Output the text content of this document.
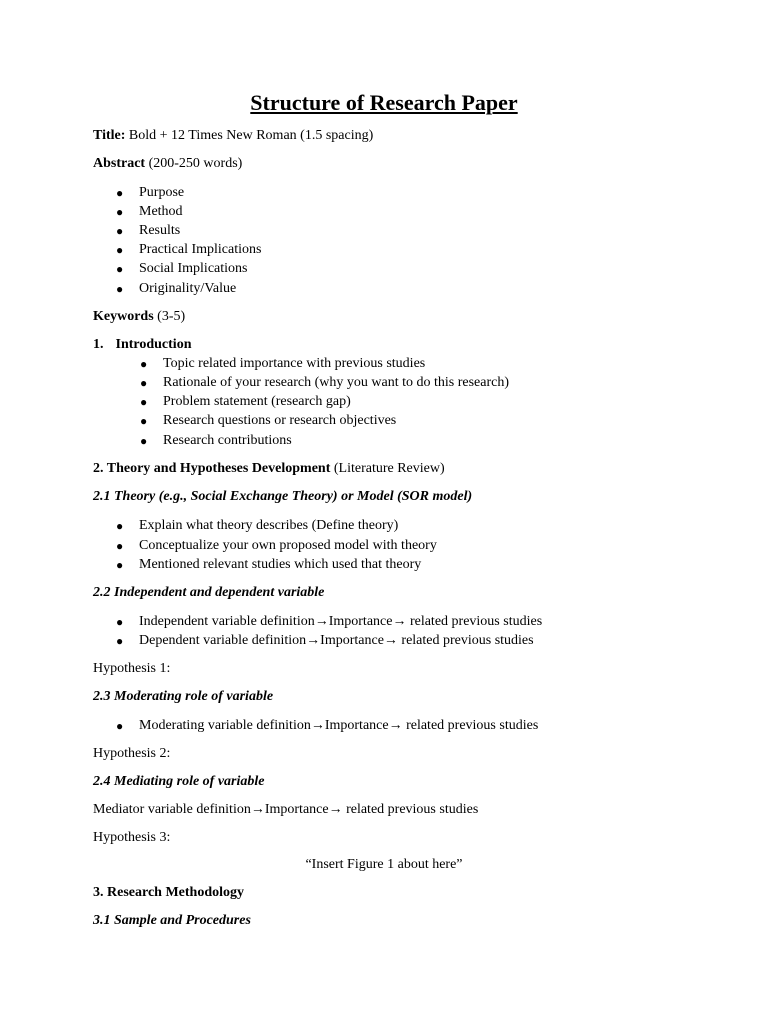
Structure of Research Paper
Title: Bold + 12 Times New Roman (1.5 spacing)
Abstract (200-250 words)
● Purpose
● Method
● Results
● Practical Implications
● Social Implications
● Originality/Value
Keywords (3-5)
1. Introduction
● Topic related importance with previous studies
● Rationale of your research (why you want to do this research)
● Problem statement (research gap)
● Research questions or research objectives
● Research contributions
2. Theory and Hypotheses Development (Literature Review)
2.1 Theory (e.g., Social Exchange Theory) or Model (SOR model)
● Explain what theory describes (Define theory)
● Conceptualize your own proposed model with theory
● Mentioned relevant studies which used that theory
2.2 Independent and dependent variable
● Independent variable definition→Importance→ related previous studies
● Dependent variable definition→Importance→ related previous studies
Hypothesis 1:
2.3 Moderating role of variable
● Moderating variable definition→Importance→ related previous studies
Hypothesis 2:
2.4 Mediating role of variable
Mediator variable definition→Importance→ related previous studies
Hypothesis 3:
“Insert Figure 1 about here”
3. Research Methodology
3.1 Sample and Procedures
